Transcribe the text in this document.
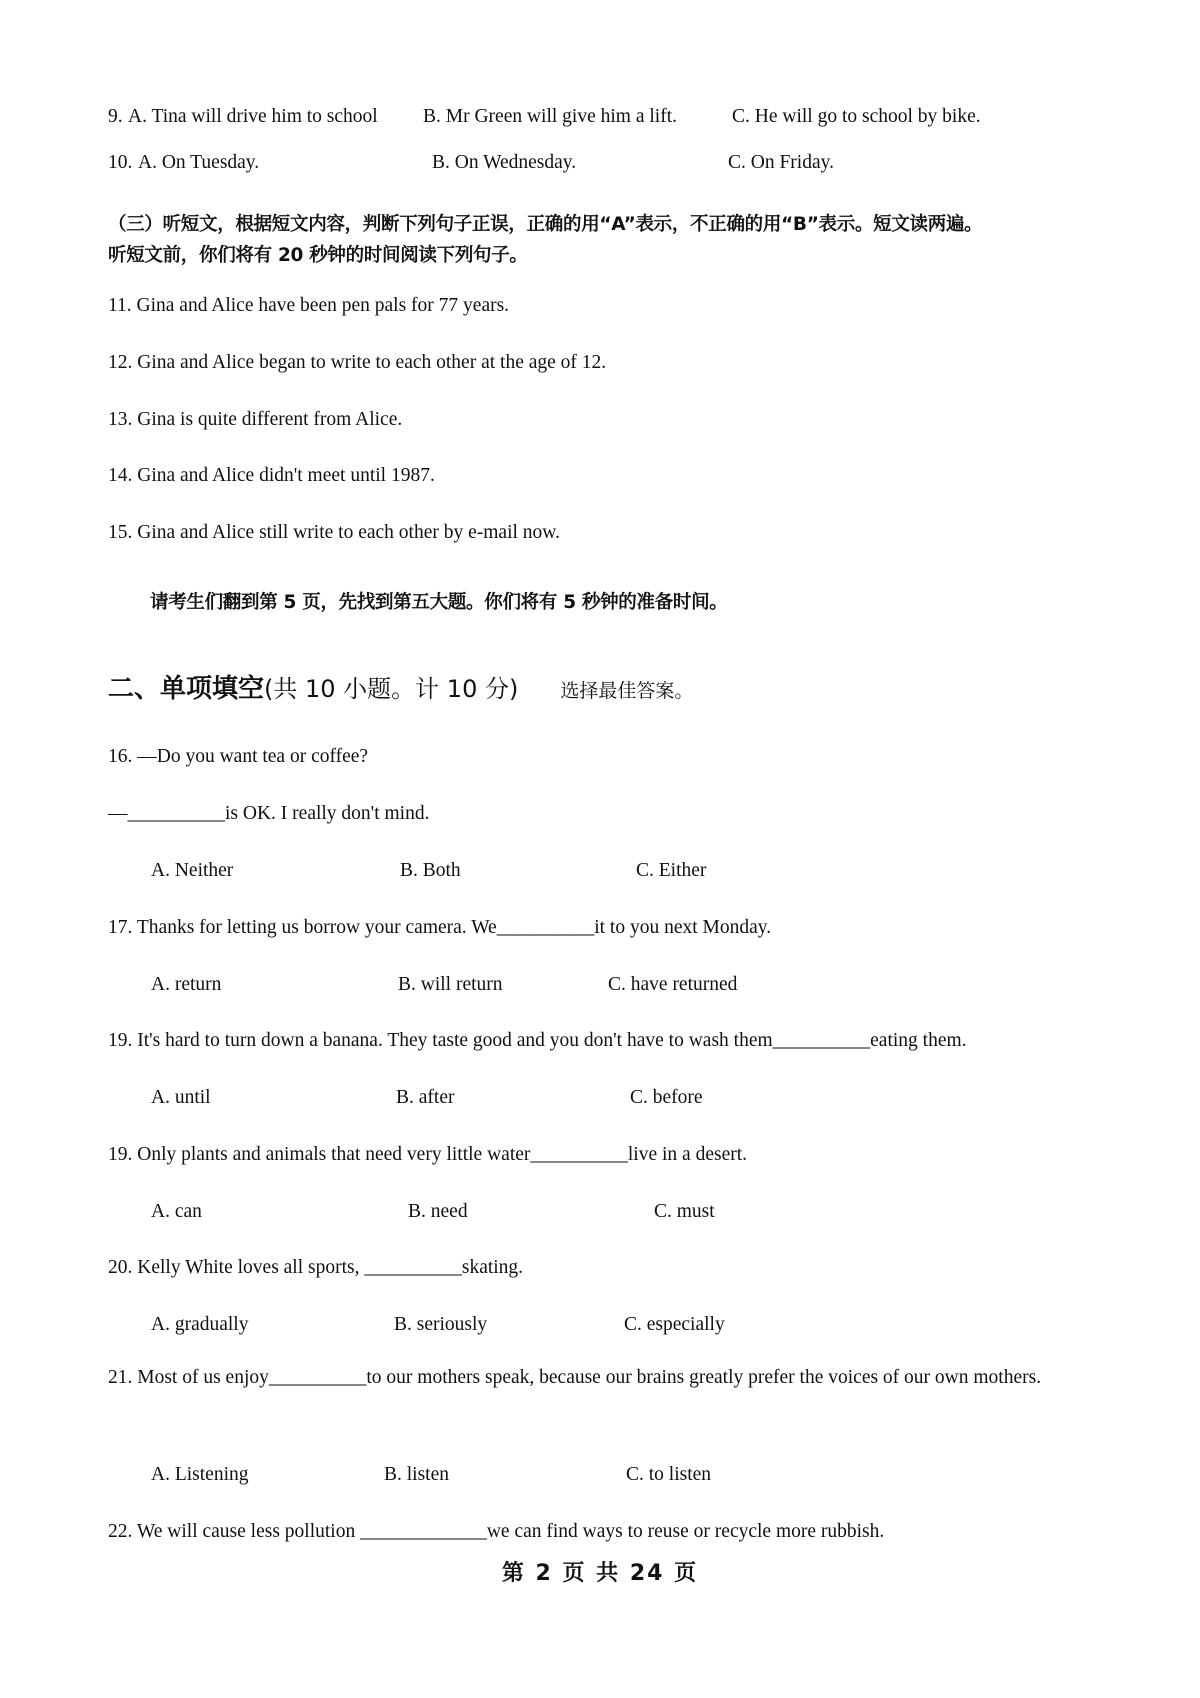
9. A. Tina will drive him to school B. Mr Green will give him a lift.	C. He will go to school by bike.
10. A. On Tuesday.	B. On Wednesday.	C. On Friday.
（三）听短文，根据短文内容，判断下列句子正误，正确的用“A”表示，不正确的用“B”表示。短文读两遍。
听短文前，你们将有 20 秒钟的时间阅读下列句子。
11. Gina and Alice have been pen pals for 77 years.
12. Gina and Alice began to write to each other at the age of 12.
13. Gina is quite different from Alice.
14. Gina and Alice didn't meet until 1987.
15. Gina and Alice still write to each other by e-mail now.
请考生们翻到第 5 页，先找到第五大题。你们将有 5 秒钟的准备时间。
二、单项填空(共 10 小题。计 10 分) 选择最佳答案。
16. —Do you want tea or coffee?
—__________is OK. I really don't mind.
A. Neither	B. Both	C. Either
17. Thanks for letting us borrow your camera. We__________it to you next Monday.
A. return	B. will return	C. have returned
19. It's hard to turn down a banana. They taste good and you don't have to wash them__________eating them.
A. until	B. after	C. before
19. Only plants and animals that need very little water__________live in a desert.
A. can	B. need	C. must
20. Kelly White loves all sports, __________skating.
A. gradually	B. seriously	C. especially
21. Most of us enjoy__________to our mothers speak, because our brains greatly prefer the voices of our own mothers.
A. Listening	B. listen	C. to listen
22. We will cause less pollution _____________we can find ways to reuse or recycle more rubbish.
第 2 页 共 24 页
